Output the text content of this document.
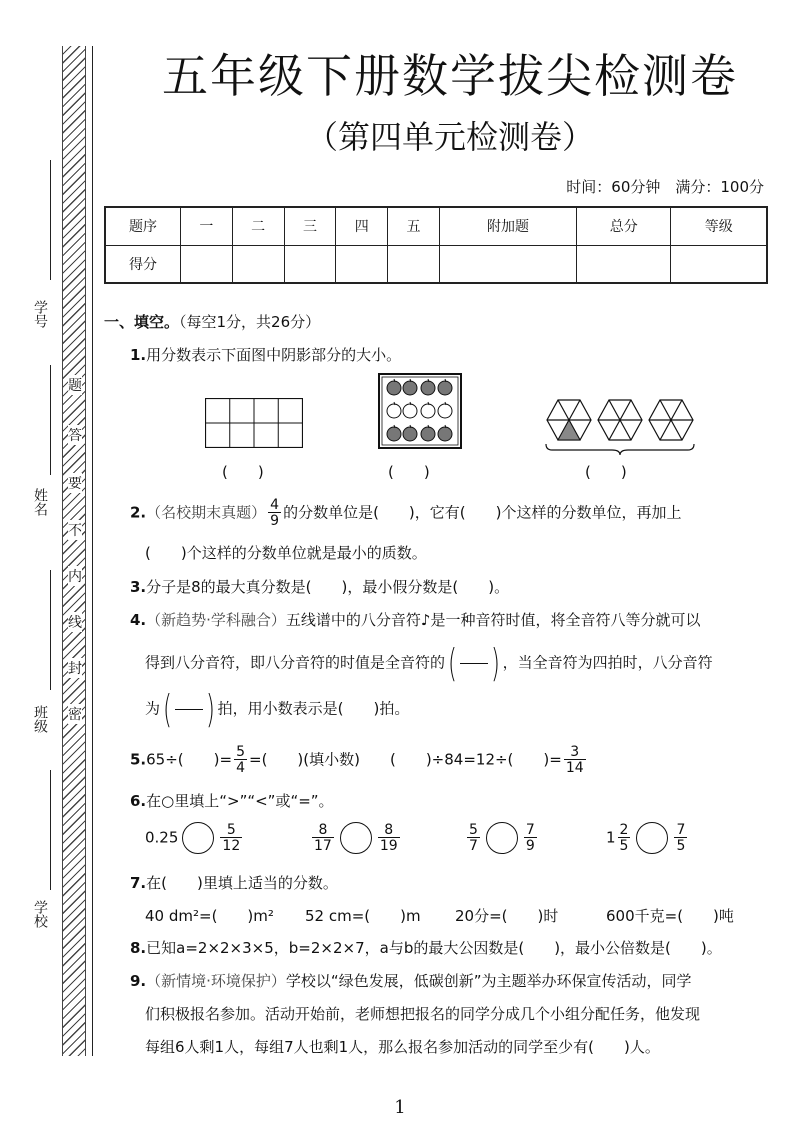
学号
姓名
班级
学校
题
答
要
不
内
线
封
密
五年级下册数学拔尖检测卷
（第四单元检测卷）
时间：60分钟　满分：100分
题序	一	二	三	四	五	附加题	总分	等级
得分								
一、填空。（每空1分，共26分）
1.用分数表示下面图中阴影部分的大小。
(　　)	(　　)	(　　)
2.（名校期末真题） $\frac{4}{9}$ 的分数单位是(　　)，它有(　　)个这样的分数单位，再加上
(　　)个这样的分数单位就是最小的质数。
3.分子是8的最大真分数是(　　)，最小假分数是(　　)。
4.（新趋势·学科融合）五线谱中的八分音符♪是一种音符时值，将全音符八等分就可以
得到八分音符，即八分音符的时值是全音符的 ( ) ，当全音符为四拍时，八分音符
为 ( ) 拍，用小数表示是(　　)拍。
5.65÷(　　)= $\frac{5}{4}$ =(　　)(填小数)　　(　　)÷84=12÷(　　)= $\frac{3}{14}$
6.在○里填上“>”“<”或“=”。
0.25	$\frac{5}{12}$	$\frac{8}{17}$	$\frac{8}{19}$	$\frac{5}{7}$	$\frac{7}{9}$	$1 \frac{2}{5}$	$\frac{7}{5}$
7.在(　　)里填上适当的分数。
40 dm²=(　　)m² 52 cm=(　　)m 20分=(　　)时	600千克=(　　)吨
8.已知a=2×2×3×5，b=2×2×7，a与b的最大公因数是(　　)，最小公倍数是(　　)。
9.（新情境·环境保护）学校以“绿色发展，低碳创新”为主题举办环保宣传活动，同学
们积极报名参加。活动开始前，老师想把报名的同学分成几个小组分配任务，他发现
每组6人剩1人，每组7人也剩1人，那么报名参加活动的同学至少有(　　)人。
1
